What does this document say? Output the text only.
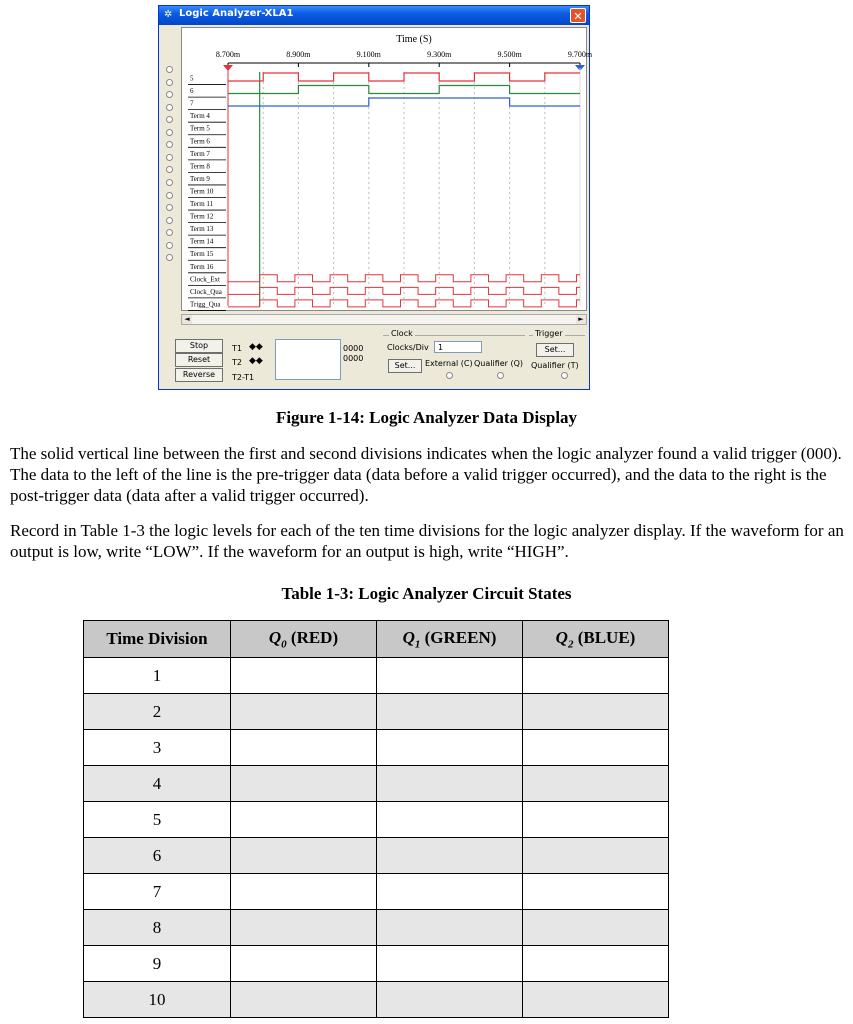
✲ Logic Analyzer-XLA1	✕
Time (S)
8.700m	8.900m	9.100m	9.300m	9.500m	9.700m
5
6
7
Term 4
Term 5
Term 6
Term 7
Term 8
Term 9
Term 10
Term 11
Term 12
Term 13
Term 14
Term 15
Term 16
Clock_Ext
Clock_Qua
Trigg_Qua
◄	►
Stop
Reset
Reverse
T1 ◆◆
T2 ◆◆
T2-T1
0000
0000
Clock
Clocks/Div 1
Set...	External (C) Qualifier (Q)
Trigger
Set...
Qualifier (T)
Figure 1-14: Logic Analyzer Data Display

The solid vertical line between the first and second divisions indicates when the logic analyzer found a valid trigger (000). The data to the left of the line is the pre-trigger data (data before a valid trigger occurred), and the data to the right is the post-trigger data (data after a valid trigger occurred).

Record in Table 1-3 the logic levels for each of the ten time divisions for the logic analyzer display. If the waveform for an output is low, write “LOW”. If the waveform for an output is high, write “HIGH”.

Table 1-3: Logic Analyzer Circuit States
Time Division	$Q_0$ (RED)	$Q_1$ (GREEN)	$Q_2$ (BLUE)
1			
2			
3			
4			
5			
6			
7			
8			
9			
10			
